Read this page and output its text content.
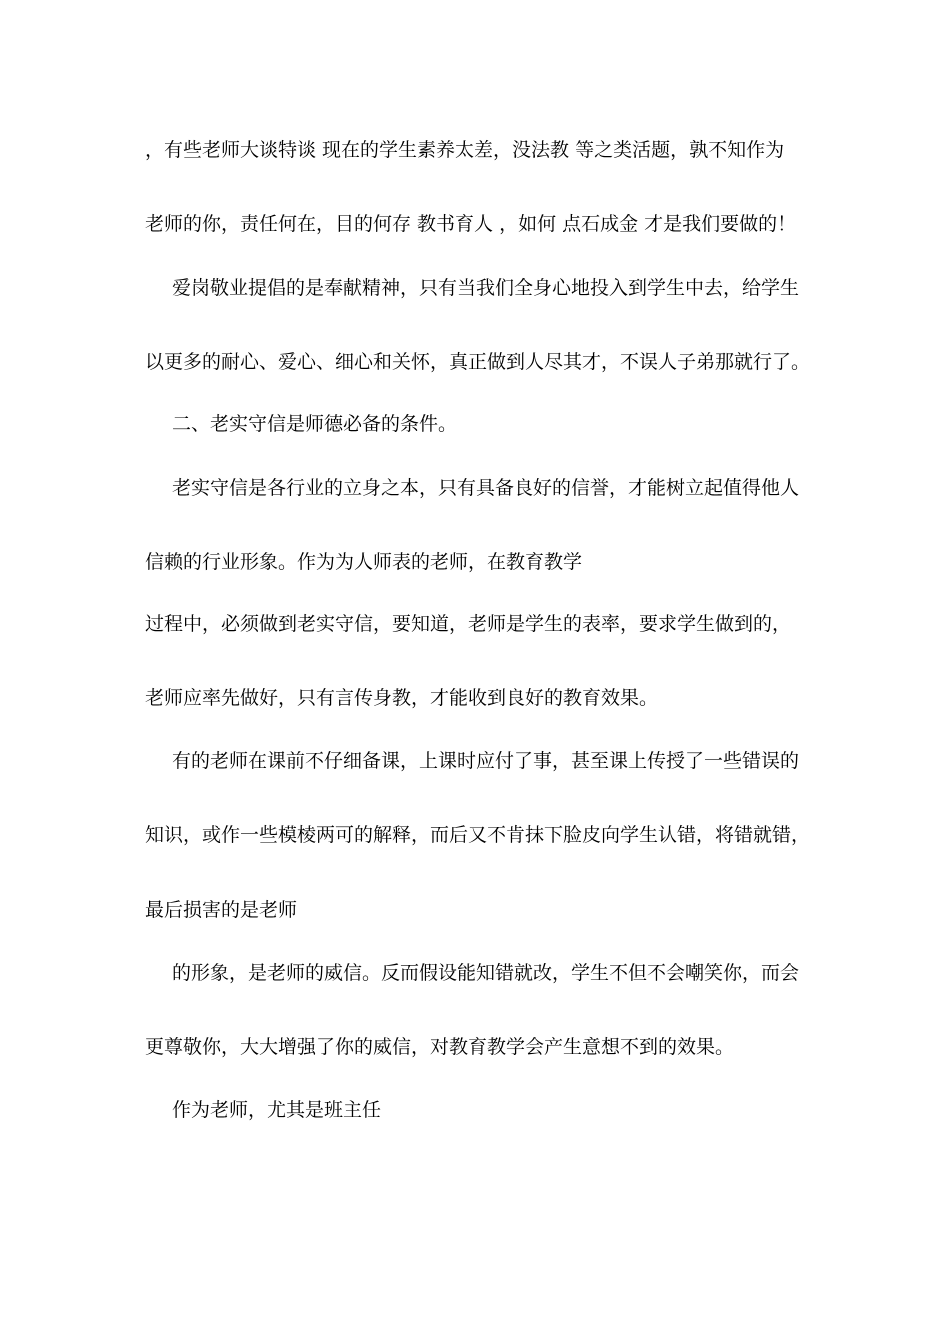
，有些老师大谈特谈 现在的学生素养太差，没法教 等之类活题，孰不知作为
老师的你，责任何在，目的何存 教书育人 ，如何 点石成金 才是我们要做的！
爱岗敬业提倡的是奉献精神，只有当我们全身心地投入到学生中去，给学生
以更多的耐心、爱心、细心和关怀，真正做到人尽其才，不误人子弟那就行了。
二、老实守信是师德必备的条件。
老实守信是各行业的立身之本，只有具备良好的信誉，才能树立起值得他人
信赖的行业形象。作为为人师表的老师，在教育教学
过程中，必须做到老实守信，要知道，老师是学生的表率，要求学生做到的，
老师应率先做好，只有言传身教，才能收到良好的教育效果。
有的老师在课前不仔细备课，上课时应付了事，甚至课上传授了一些错误的
知识，或作一些模棱两可的解释，而后又不肯抹下脸皮向学生认错，将错就错，
最后损害的是老师
的形象，是老师的威信。反而假设能知错就改，学生不但不会嘲笑你，而会
更尊敬你，大大增强了你的威信，对教育教学会产生意想不到的效果。
作为老师，尤其是班主任
